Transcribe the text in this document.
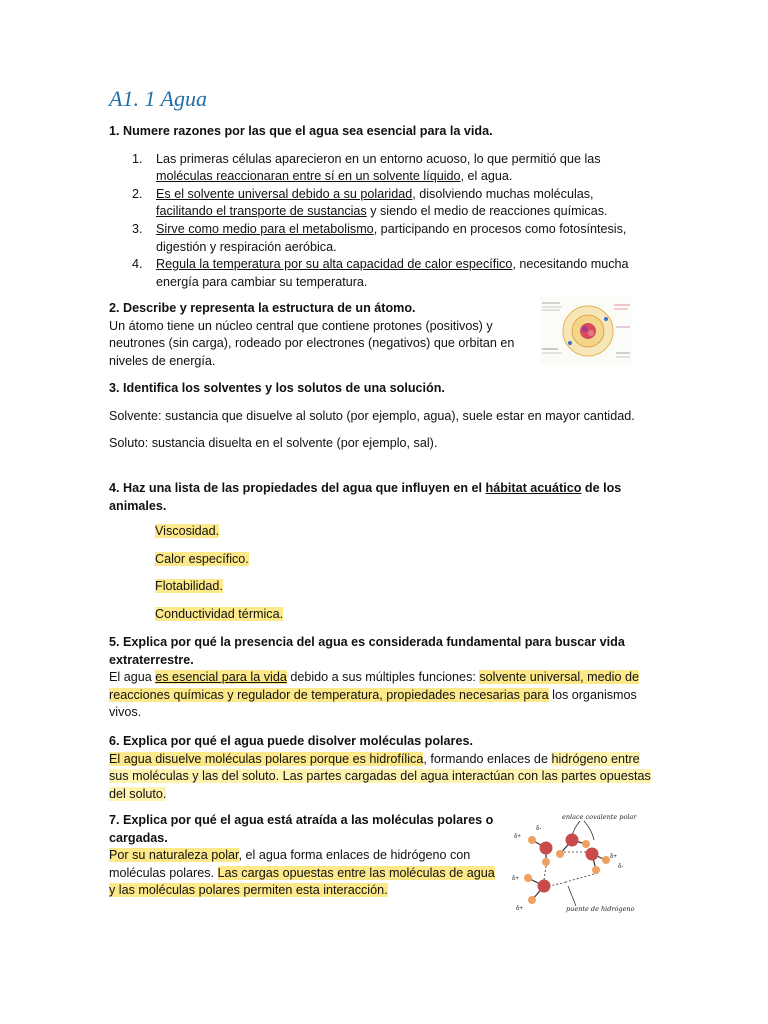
A1. 1 Agua
1. Numere razones por las que el agua sea esencial para la vida.
1. Las primeras células aparecieron en un entorno acuoso, lo que permitió que las moléculas reaccionaran entre sí en un solvente líquido, el agua.
2. Es el solvente universal debido a su polaridad, disolviendo muchas moléculas, facilitando el transporte de sustancias y siendo el medio de reacciones químicas.
3. Sirve como medio para el metabolismo, participando en procesos como fotosíntesis, digestión y respiración aeróbica.
4. Regula la temperatura por su alta capacidad de calor específico, necesitando mucha energía para cambiar su temperatura.
2. Describe y representa la estructura de un átomo.
Un átomo tiene un núcleo central que contiene protones (positivos) y neutrones (sin carga), rodeado por electrones (negativos) que orbitan en niveles de energía.
3. Identifica los solventes y los solutos de una solución.
Solvente: sustancia que disuelve al soluto (por ejemplo, agua), suele estar en mayor cantidad.
Soluto: sustancia disuelta en el solvente (por ejemplo, sal).
4. Haz una lista de las propiedades del agua que influyen en el hábitat acuático de los animales.
Viscosidad.
Calor específico.
Flotabilidad.
Conductividad térmica.
5. Explica por qué la presencia del agua es considerada fundamental para buscar vida extraterrestre.
El agua es esencial para la vida debido a sus múltiples funciones: solvente universal, medio de reacciones químicas y regulador de temperatura, propiedades necesarias para los organismos vivos.
6. Explica por qué el agua puede disolver moléculas polares.
El agua disuelve moléculas polares porque es hidrofílica, formando enlaces de hidrógeno entre sus moléculas y las del soluto. Las partes cargadas del agua interactúan con las partes opuestas del soluto.
7. Explica por qué el agua está atraída a las moléculas polares o cargadas.
Por su naturaleza polar, el agua forma enlaces de hidrógeno con moléculas polares. Las cargas opuestas entre las moléculas de agua y las moléculas polares permiten esta interacción.
enlace covalente polar
puente de hidrógeno
δ+
δ-
δ+
δ-
δ+
δ+
